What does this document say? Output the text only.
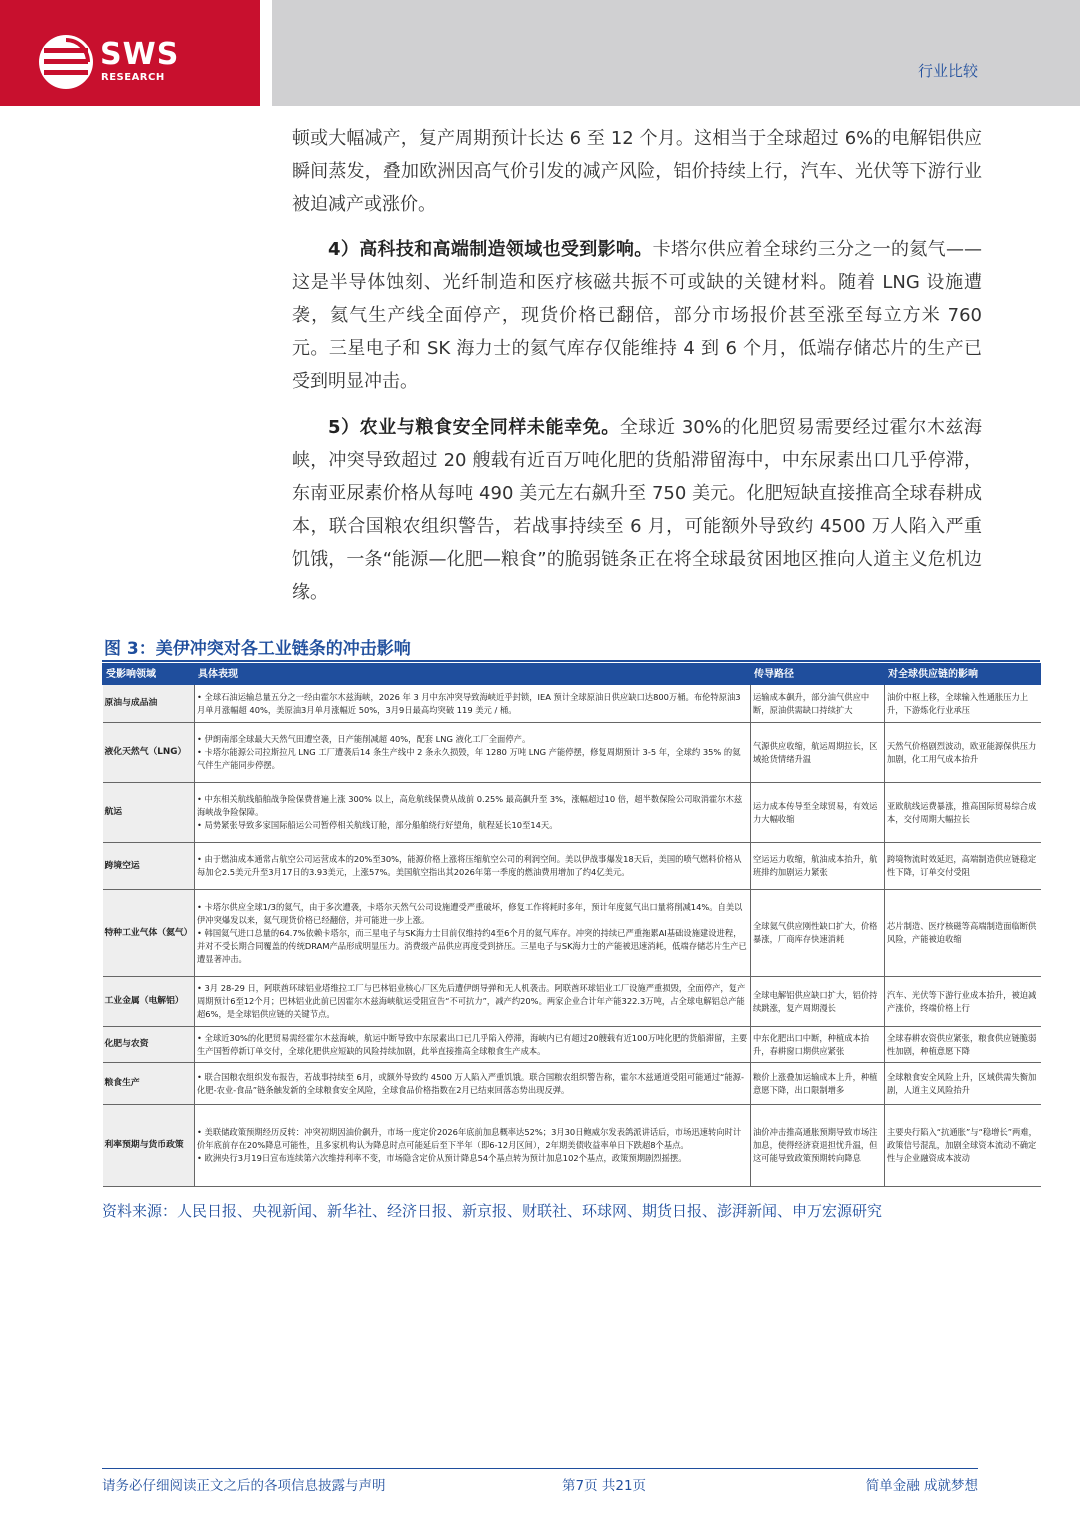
SWS
RESEARCH	行业比较

顿或大幅减产，复产周期预计长达 6 至 12 个月。这相当于全球超过 6%的电解铝供应瞬间蒸发，叠加欧洲因高气价引发的减产风险，铝价持续上行，汽车、光伏等下游行业被迫减产或涨价。

4）高科技和高端制造领域也受到影响。卡塔尔供应着全球约三分之一的氦气——这是半导体蚀刻、光纤制造和医疗核磁共振不可或缺的关键材料。随着 LNG 设施遭袭，氦气生产线全面停产，现货价格已翻倍，部分市场报价甚至涨至每立方米 760 元。三星电子和 SK 海力士的氦气库存仅能维持 4 到 6 个月，低端存储芯片的生产已受到明显冲击。

5）农业与粮食安全同样未能幸免。全球近 30%的化肥贸易需要经过霍尔木兹海峡，冲突导致超过 20 艘载有近百万吨化肥的货船滞留海中，中东尿素出口几乎停滞，东南亚尿素价格从每吨 490 美元左右飙升至 750 美元。化肥短缺直接推高全球春耕成本，联合国粮农组织警告，若战事持续至 6 月，可能额外导致约 4500 万人陷入严重饥饿，一条“能源—化肥—粮食”的脆弱链条正在将全球最贫困地区推向人道主义危机边缘。

图 3：美伊冲突对各工业链条的冲击影响
受影响领域	具体表现	传导路径	对全球供应链的影响
原油与成品油	• 全球石油运输总量五分之一经由霍尔木兹海峡，2026 年 3 月中东冲突导致海峡近乎封锁，IEA 预计全球原油日供应缺口达800万桶。布伦特原油3月单月涨幅超 40%，美原油3月单月涨幅近 50%，3月9日最高均突破 119 美元 / 桶。	运输成本飙升，部分油气供应中断，原油供需缺口持续扩大	油价中枢上移，全球输入性通胀压力上升，下游炼化行业承压
液化天然气（LNG）	• 伊朗南部全球最大天然气田遭空袭，日产能削减超 40%，配套 LNG 液化工厂全面停产。
• 卡塔尔能源公司拉斯拉凡 LNG 工厂遭袭后14 条生产线中 2 条永久损毁，年 1280 万吨 LNG 产能停摆，修复周期预计 3-5 年，全球约 35% 的氦气伴生产能同步停摆。	气源供应收缩，航运周期拉长，区域抢货情绪升温	天然气价格剧烈波动，欧亚能源保供压力加剧，化工用气成本抬升
航运	• 中东相关航线船舶战争险保费普遍上涨 300% 以上，高危航线保费从战前 0.25% 最高飙升至 3%，涨幅超过10 倍，超半数保险公司取消霍尔木兹海峡战争险保障。
• 局势紧张导致多家国际船运公司暂停相关航线订舱，部分船舶绕行好望角，航程延长10至14天。	运力成本传导至全球贸易，有效运力大幅收缩	亚欧航线运费暴涨，推高国际贸易综合成本，交付周期大幅拉长
跨境空运	• 由于燃油成本通常占航空公司运营成本的20%至30%，能源价格上涨将压缩航空公司的利润空间。美以伊战事爆发18天后，美国的喷气燃料价格从每加仑2.5美元升至3月17日的3.93美元，上涨57%。美国航空指出其2026年第一季度的燃油费用增加了约4亿美元。	空运运力收缩，航油成本抬升，航班排约加剧运力紧张	跨境物流时效延迟，高端制造供应链稳定性下降，订单交付受阻
特种工业气体（氦气）	• 卡塔尔供应全球1/3的氦气，由于多次遭袭，卡塔尔天然气公司设施遭受严重破坏，修复工作将耗时多年，预计年度氦气出口量将削减14%。自美以伊冲突爆发以来，氦气现货价格已经翻倍，并可能进一步上涨。
• 韩国氦气进口总量的64.7%依赖卡塔尔，而三星电子与SK海力士目前仅维持约4至6个月的氦气库存。冲突的持续已严重拖累AI基础设施建设进程，并对不受长期合同覆盖的传统DRAM产品形成明显压力。消费级产品供应再度受到挤压。三星电子与SK海力士的产能被迅速消耗，低端存储芯片生产已遭显著冲击。	全球氦气供应刚性缺口扩大，价格暴涨，厂商库存快速消耗	芯片制造、医疗核磁等高端制造面临断供风险，产能被迫收缩
工业金属（电解铝）	• 3月 28-29 日，阿联酋环球铝业塔维拉工厂与巴林铝业核心厂区先后遭伊朗导弹和无人机袭击。阿联酋环球铝业工厂设施严重损毁，全面停产，复产周期预计6至12个月；巴林铝业此前已因霍尔木兹海峡航运受阻宣告“不可抗力”，减产约20%。两家企业合计年产能322.3万吨，占全球电解铝总产能超6%，是全球铝供应链的关键节点。	全球电解铝供应缺口扩大，铝价持续跳涨，复产周期漫长	汽车、光伏等下游行业成本抬升，被迫减产涨价，终端价格上行
化肥与农资	• 全球近30%的化肥贸易需经霍尔木兹海峡，航运中断导致中东尿素出口已几乎陷入停滞，海峡内已有超过20艘载有近100万吨化肥的货船滞留，主要生产国暂停新订单交付，全球化肥供应短缺的风险持续加剧，此举直接推高全球粮食生产成本。	中东化肥出口中断，种植成本抬升，春耕窗口期供应紧张	全球春耕农资供应紧张，粮食供应链脆弱性加剧，种植意愿下降
粮食生产	• 联合国粮农组织发布报告，若战事持续至 6月，或额外导致约 4500 万人陷入严重饥饿。联合国粮农组织警告称，霍尔木兹通道受阻可能通过“能源-化肥-农业-食品”链条触发新的全球粮食安全风险，全球食品价格指数在2月已结束回落态势出现反弹。	粮价上涨叠加运输成本上升，种植意愿下降，出口限制增多	全球粮食安全风险上升，区域供需失衡加剧，人道主义风险抬升
利率预期与货币政策	• 美联储政策预期经历反转：冲突初期因油价飙升，市场一度定价2026年底前加息概率达52%；3月30日鲍威尔发表鸽派讲话后，市场迅速转向时计价年底前存在20%降息可能性，且多家机构认为降息时点可能延后至下半年（即6-12月区间），2年期美债收益率单日下跌超8个基点。
• 欧洲央行3月19日宣布连续第六次维持利率不变，市场隐含定价从预计降息54个基点转为预计加息102个基点，政策预期剧烈摇摆。	油价冲击推高通胀预期导致市场注加息，使得经济衰退担忧升温，但这可能导致政策预期转向降息	主要央行陷入“抗通胀”与“稳增长”两难，政策信号混乱，加剧全球资本流动不确定性与企业融资成本波动
资料来源：人民日报、央视新闻、新华社、经济日报、新京报、财联社、环球网、期货日报、澎湃新闻、申万宏源研究
请务必仔细阅读正文之后的各项信息披露与声明	第7页 共21页	简单金融 成就梦想
